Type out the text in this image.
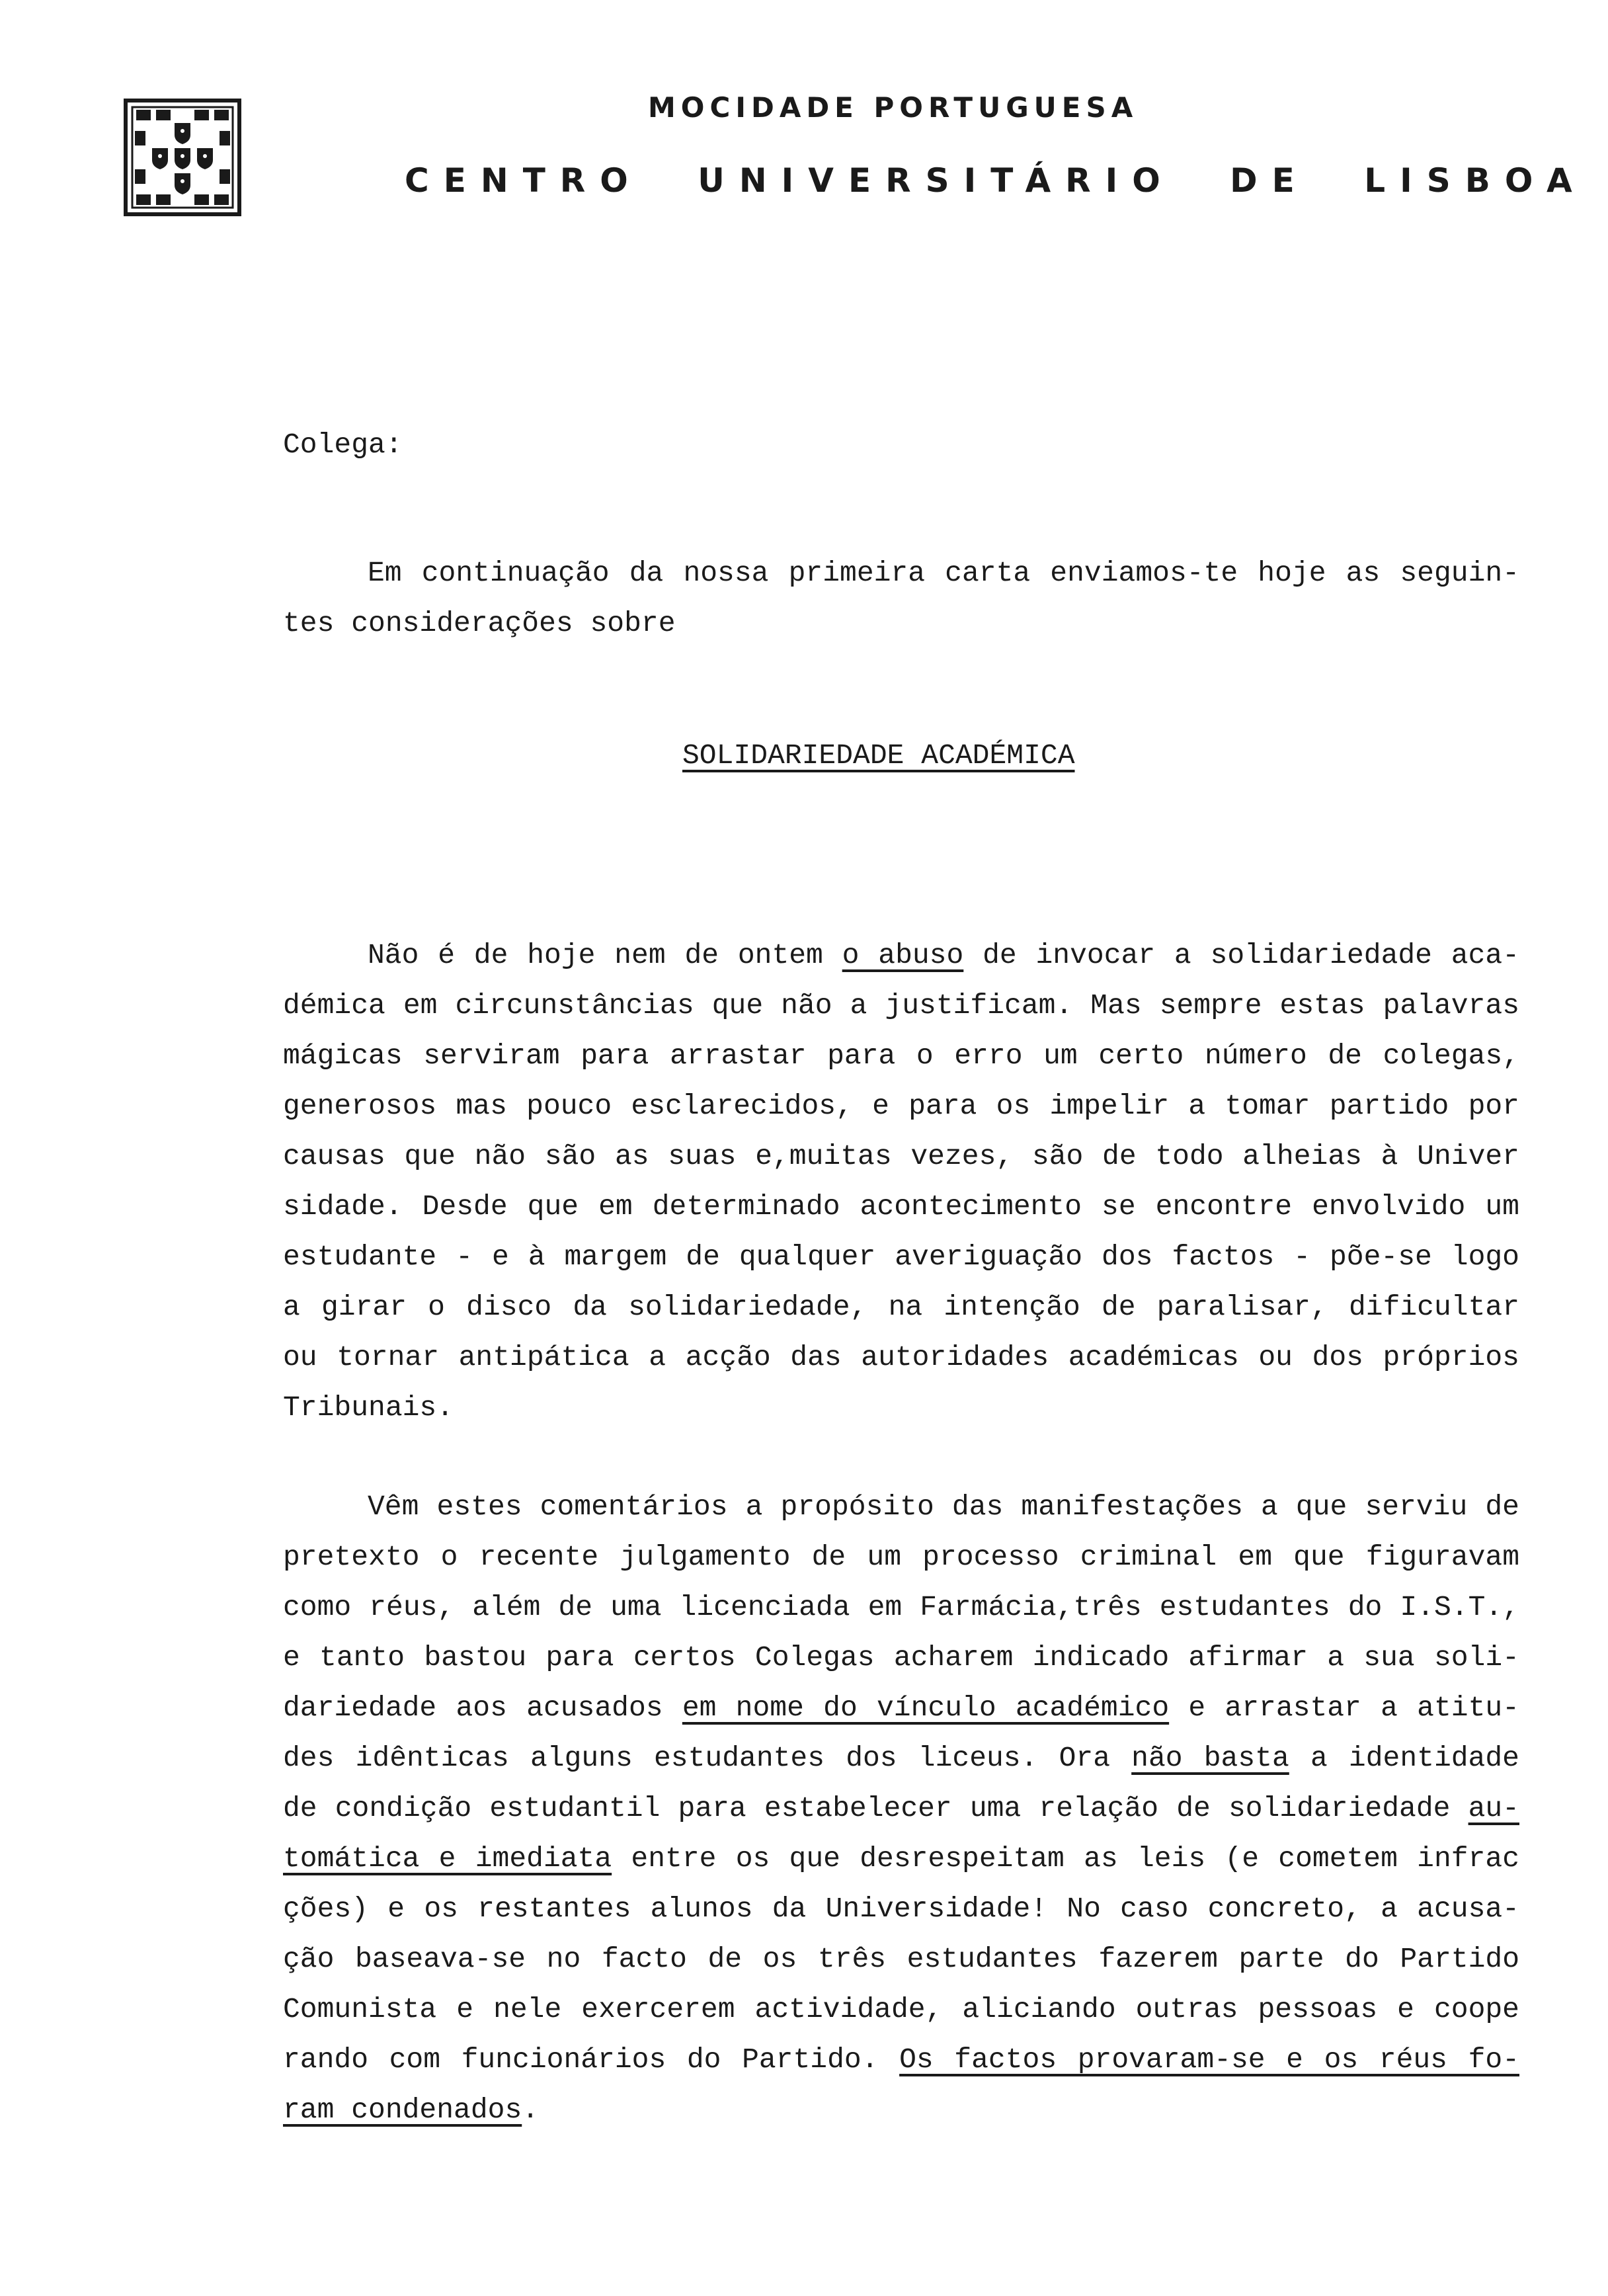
MOCIDADE PORTUGUESA
CENTRO UNIVERSITÁRIO DE LISBOA
Colega:
Em continuação da nossa primeira carta enviamos-te hoje as seguin-
tes considerações sobre
SOLIDARIEDADE ACADÉMICA
Não é de hoje nem de ontem o abuso de invocar a solidariedade aca-
démica em circunstâncias que não a justificam. Mas sempre estas palavras
mágicas serviram para arrastar para o erro um certo número de colegas,
generosos mas pouco esclarecidos, e para os impelir a tomar partido por
causas que não são as suas e,muitas vezes, são de todo alheias à Univer
sidade. Desde que em determinado acontecimento se encontre envolvido um
estudante - e à margem de qualquer averiguação dos factos - põe-se logo
a girar o disco da solidariedade, na intenção de paralisar, dificultar
ou tornar antipática a acção das autoridades académicas ou dos próprios
Tribunais.
Vêm estes comentários a propósito das manifestações a que serviu de
pretexto o recente julgamento de um processo criminal em que figuravam
como réus, além de uma licenciada em Farmácia,três estudantes do I.S.T.,
e tanto bastou para certos Colegas acharem indicado afirmar a sua soli-
dariedade aos acusados em nome do vínculo académico e arrastar a atitu-
des idênticas alguns estudantes dos liceus. Ora não basta a identidade
de condição estudantil para estabelecer uma relação de solidariedade au-
tomática e imediata entre os que desrespeitam as leis (e cometem infrac
ções) e os restantes alunos da Universidade! No caso concreto, a acusa-
ção baseava-se no facto de os três estudantes fazerem parte do Partido
Comunista e nele exercerem actividade, aliciando outras pessoas e coope
rando com funcionários do Partido. Os factos provaram-se e os réus fo-
ram condenados.
